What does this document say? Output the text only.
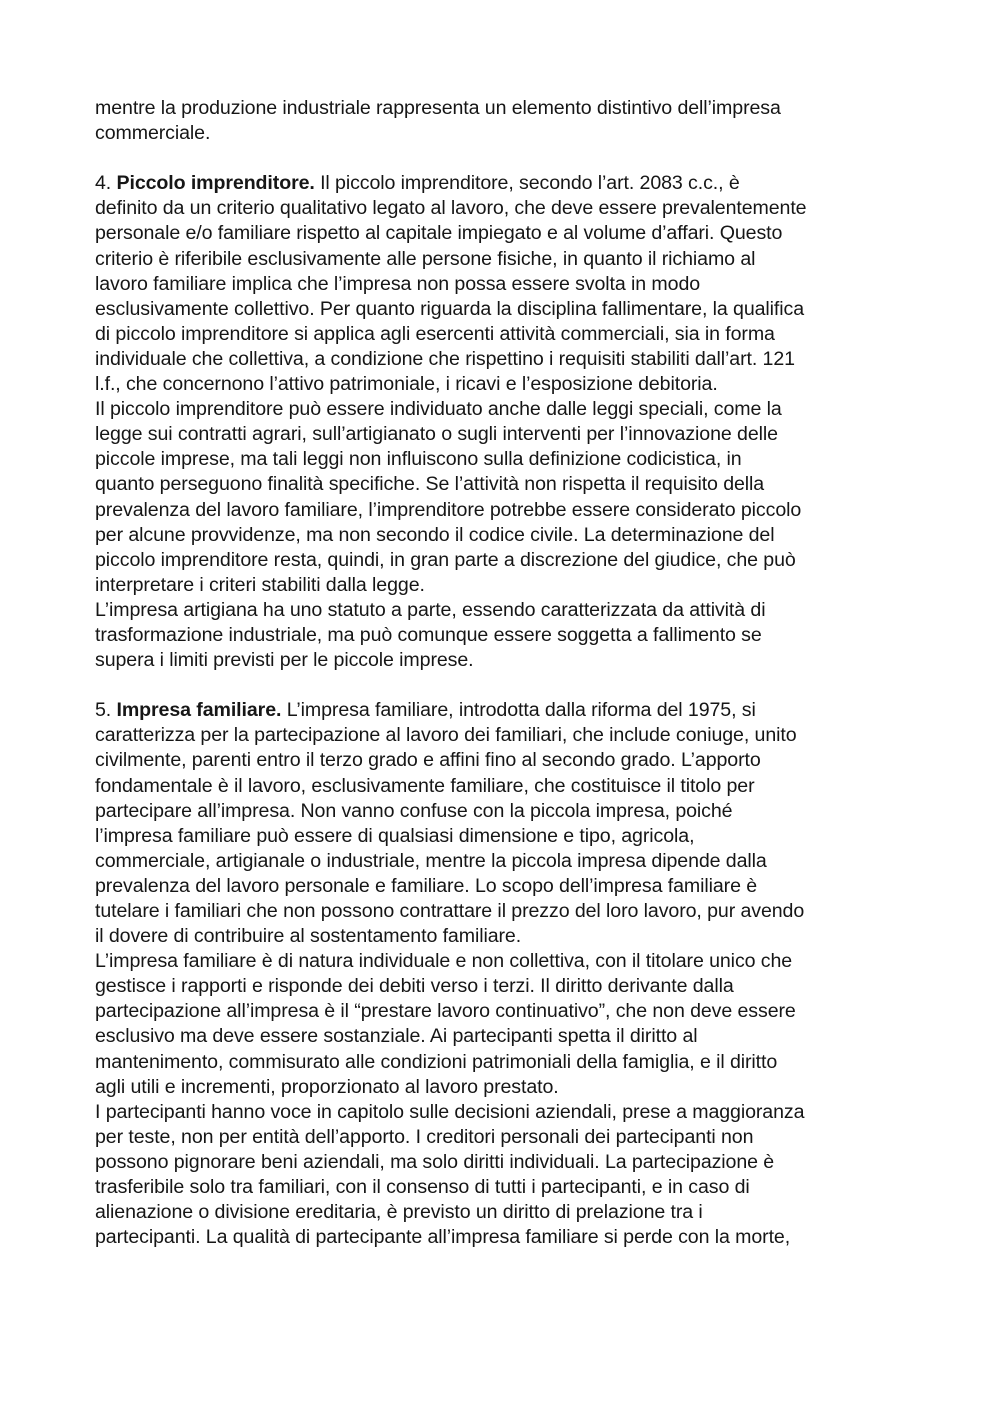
mentre la produzione industriale rappresenta un elemento distintivo dell’impresa
commerciale.
4. Piccolo imprenditore. Il piccolo imprenditore, secondo l’art. 2083 c.c., è
definito da un criterio qualitativo legato al lavoro, che deve essere prevalentemente
personale e/o familiare rispetto al capitale impiegato e al volume d’affari. Questo
criterio è riferibile esclusivamente alle persone fisiche, in quanto il richiamo al
lavoro familiare implica che l’impresa non possa essere svolta in modo
esclusivamente collettivo. Per quanto riguarda la disciplina fallimentare, la qualifica
di piccolo imprenditore si applica agli esercenti attività commerciali, sia in forma
individuale che collettiva, a condizione che rispettino i requisiti stabiliti dall’art. 121
l.f., che concernono l’attivo patrimoniale, i ricavi e l’esposizione debitoria.
Il piccolo imprenditore può essere individuato anche dalle leggi speciali, come la
legge sui contratti agrari, sull’artigianato o sugli interventi per l’innovazione delle
piccole imprese, ma tali leggi non influiscono sulla definizione codicistica, in
quanto perseguono finalità specifiche. Se l’attività non rispetta il requisito della
prevalenza del lavoro familiare, l’imprenditore potrebbe essere considerato piccolo
per alcune provvidenze, ma non secondo il codice civile. La determinazione del
piccolo imprenditore resta, quindi, in gran parte a discrezione del giudice, che può
interpretare i criteri stabiliti dalla legge.
L’impresa artigiana ha uno statuto a parte, essendo caratterizzata da attività di
trasformazione industriale, ma può comunque essere soggetta a fallimento se
supera i limiti previsti per le piccole imprese.
5. Impresa familiare. L’impresa familiare, introdotta dalla riforma del 1975, si
caratterizza per la partecipazione al lavoro dei familiari, che include coniuge, unito
civilmente, parenti entro il terzo grado e affini fino al secondo grado. L’apporto
fondamentale è il lavoro, esclusivamente familiare, che costituisce il titolo per
partecipare all’impresa. Non vanno confuse con la piccola impresa, poiché
l’impresa familiare può essere di qualsiasi dimensione e tipo, agricola,
commerciale, artigianale o industriale, mentre la piccola impresa dipende dalla
prevalenza del lavoro personale e familiare. Lo scopo dell’impresa familiare è
tutelare i familiari che non possono contrattare il prezzo del loro lavoro, pur avendo
il dovere di contribuire al sostentamento familiare.
L’impresa familiare è di natura individuale e non collettiva, con il titolare unico che
gestisce i rapporti e risponde dei debiti verso i terzi. Il diritto derivante dalla
partecipazione all’impresa è il “prestare lavoro continuativo”, che non deve essere
esclusivo ma deve essere sostanziale. Ai partecipanti spetta il diritto al
mantenimento, commisurato alle condizioni patrimoniali della famiglia, e il diritto
agli utili e incrementi, proporzionato al lavoro prestato.
I partecipanti hanno voce in capitolo sulle decisioni aziendali, prese a maggioranza
per teste, non per entità dell’apporto. I creditori personali dei partecipanti non
possono pignorare beni aziendali, ma solo diritti individuali. La partecipazione è
trasferibile solo tra familiari, con il consenso di tutti i partecipanti, e in caso di
alienazione o divisione ereditaria, è previsto un diritto di prelazione tra i
partecipanti. La qualità di partecipante all’impresa familiare si perde con la morte,
